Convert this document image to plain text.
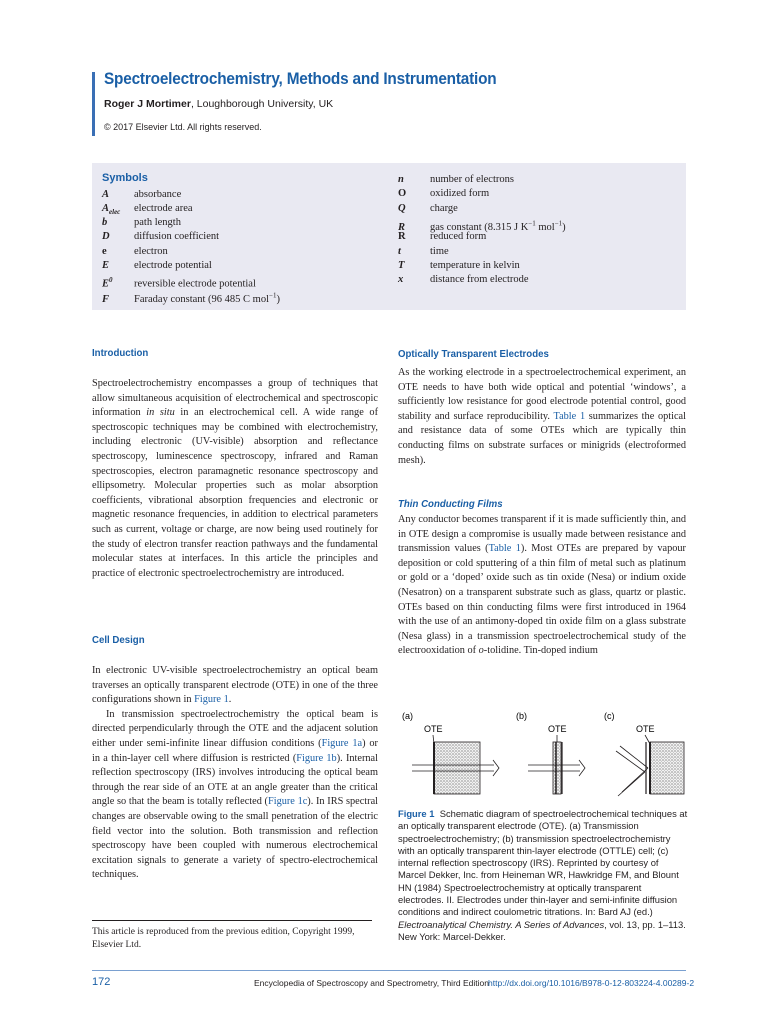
Spectroelectrochemistry, Methods and Instrumentation
Roger J Mortimer, Loughborough University, UK
© 2017 Elsevier Ltd. All rights reserved.
Symbols
A absorbance
$A_{elec}$ electrode area
b	path length
D diffusion coefficient
e	electron
E electrode potential
$E^0$ reversible electrode potential
F Faraday constant (96 485 C mol$^{-1}$)
n number of electrons
O oxidized form
Q charge
R gas constant (8.315 J $K^{-1}$ mol$^{-1}$)
R reduced form
t	time
T temperature in kelvin
x	distance from electrode
Introduction

Spectroelectrochemistry encompasses a group of techniques that allow simultaneous acquisition of electrochemical and spectroscopic information in situ in an electrochemical cell. A wide range of spectroscopic techniques may be combined with electrochemistry, including electronic (UV-visible) absorption and reflectance spectroscopy, luminescence spectroscopy, infrared and Raman spectroscopies, electron paramagnetic resonance spectroscopy and ellipsometry. Molecular properties such as molar absorption coefficients, vibrational absorption frequencies and electronic or magnetic resonance frequencies, in addition to electrical parameters such as current, voltage or charge, are now being used routinely for the study of electron transfer reaction pathways and the fundamental molecular states at interfaces. In this article the principles and practice of electronic spectroelectrochemistry are introduced.

Cell Design

In electronic UV-visible spectroelectrochemistry an optical beam traverses an optically transparent electrode (OTE) in one of the three configurations shown in Figure 1.

In transmission spectroelectrochemistry the optical beam is directed perpendicularly through the OTE and the adjacent solution either under semi-infinite linear diffusion conditions (Figure 1a) or in a thin-layer cell where diffusion is restricted (Figure 1b). Internal reflection spectroscopy (IRS) involves introducing the optical beam through the rear side of an OTE at an angle greater than the critical angle so that the beam is totally reflected (Figure 1c). In IRS spectral changes are observable owing to the small penetration of the electric field vector into the solution. Both transmission and reflection spectroscopy have been coupled with numerous electrochemical excitation signals to generate a variety of spectro-electrochemical techniques.

Optically Transparent Electrodes

As the working electrode in a spectroelectrochemical experiment, an OTE needs to have both wide optical and potential ‘windows’, a sufficiently low resistance for good electrode potential control, good stability and surface reproducibility. Table 1 summarizes the optical and resistance data of some OTEs which are typically thin conducting films on substrate surfaces or minigrids (electroformed mesh).

Thin Conducting Films

Any conductor becomes transparent if it is made sufficiently thin, and in OTE design a compromise is usually made between resistance and transmission values (Table 1). Most OTEs are prepared by vapour deposition or cold sputtering of a thin film of metal such as platinum or gold or a ‘doped’ oxide such as tin oxide (Nesa) or indium oxide (Nesatron) on a transparent substrate such as glass, quartz or plastic. OTEs based on thin conducting films were first introduced in 1964 with the use of an antimony-doped tin oxide film on a glass substrate (Nesa glass) in a transmission spectroelectrochemical study of the electrooxidation of o-tolidine. Tin-doped indium

(a)
OTE
(b)
OTE
(c)
OTE
Figure 1 Schematic diagram of spectroelectrochemical techniques at an optically transparent electrode (OTE). (a) Transmission spectroelectrochemistry; (b) transmission spectroelectrochemistry with an optically transparent thin-layer electrode (OTTLE) cell; (c) internal reflection spectroscopy (IRS). Reprinted by courtesy of Marcel Dekker, Inc. from Heineman WR, Hawkridge FM, and Blount HN (1984) Spectroelectrochemistry at optically transparent electrodes. II. Electrodes under thin-layer and semi-infinite diffusion conditions and indirect coulometric titrations. In: Bard AJ (ed.) Electroanalytical Chemistry. A Series of Advances, vol. 13, pp. 1–113. New York: Marcel-Dekker.
This article is reproduced from the previous edition, Copyright 1999, Elsevier Ltd.
172	Encyclopedia of Spectroscopy and Spectrometry, Third Edition http://dx.doi.org/10.1016/B978-0-12-803224-4.00289-2
